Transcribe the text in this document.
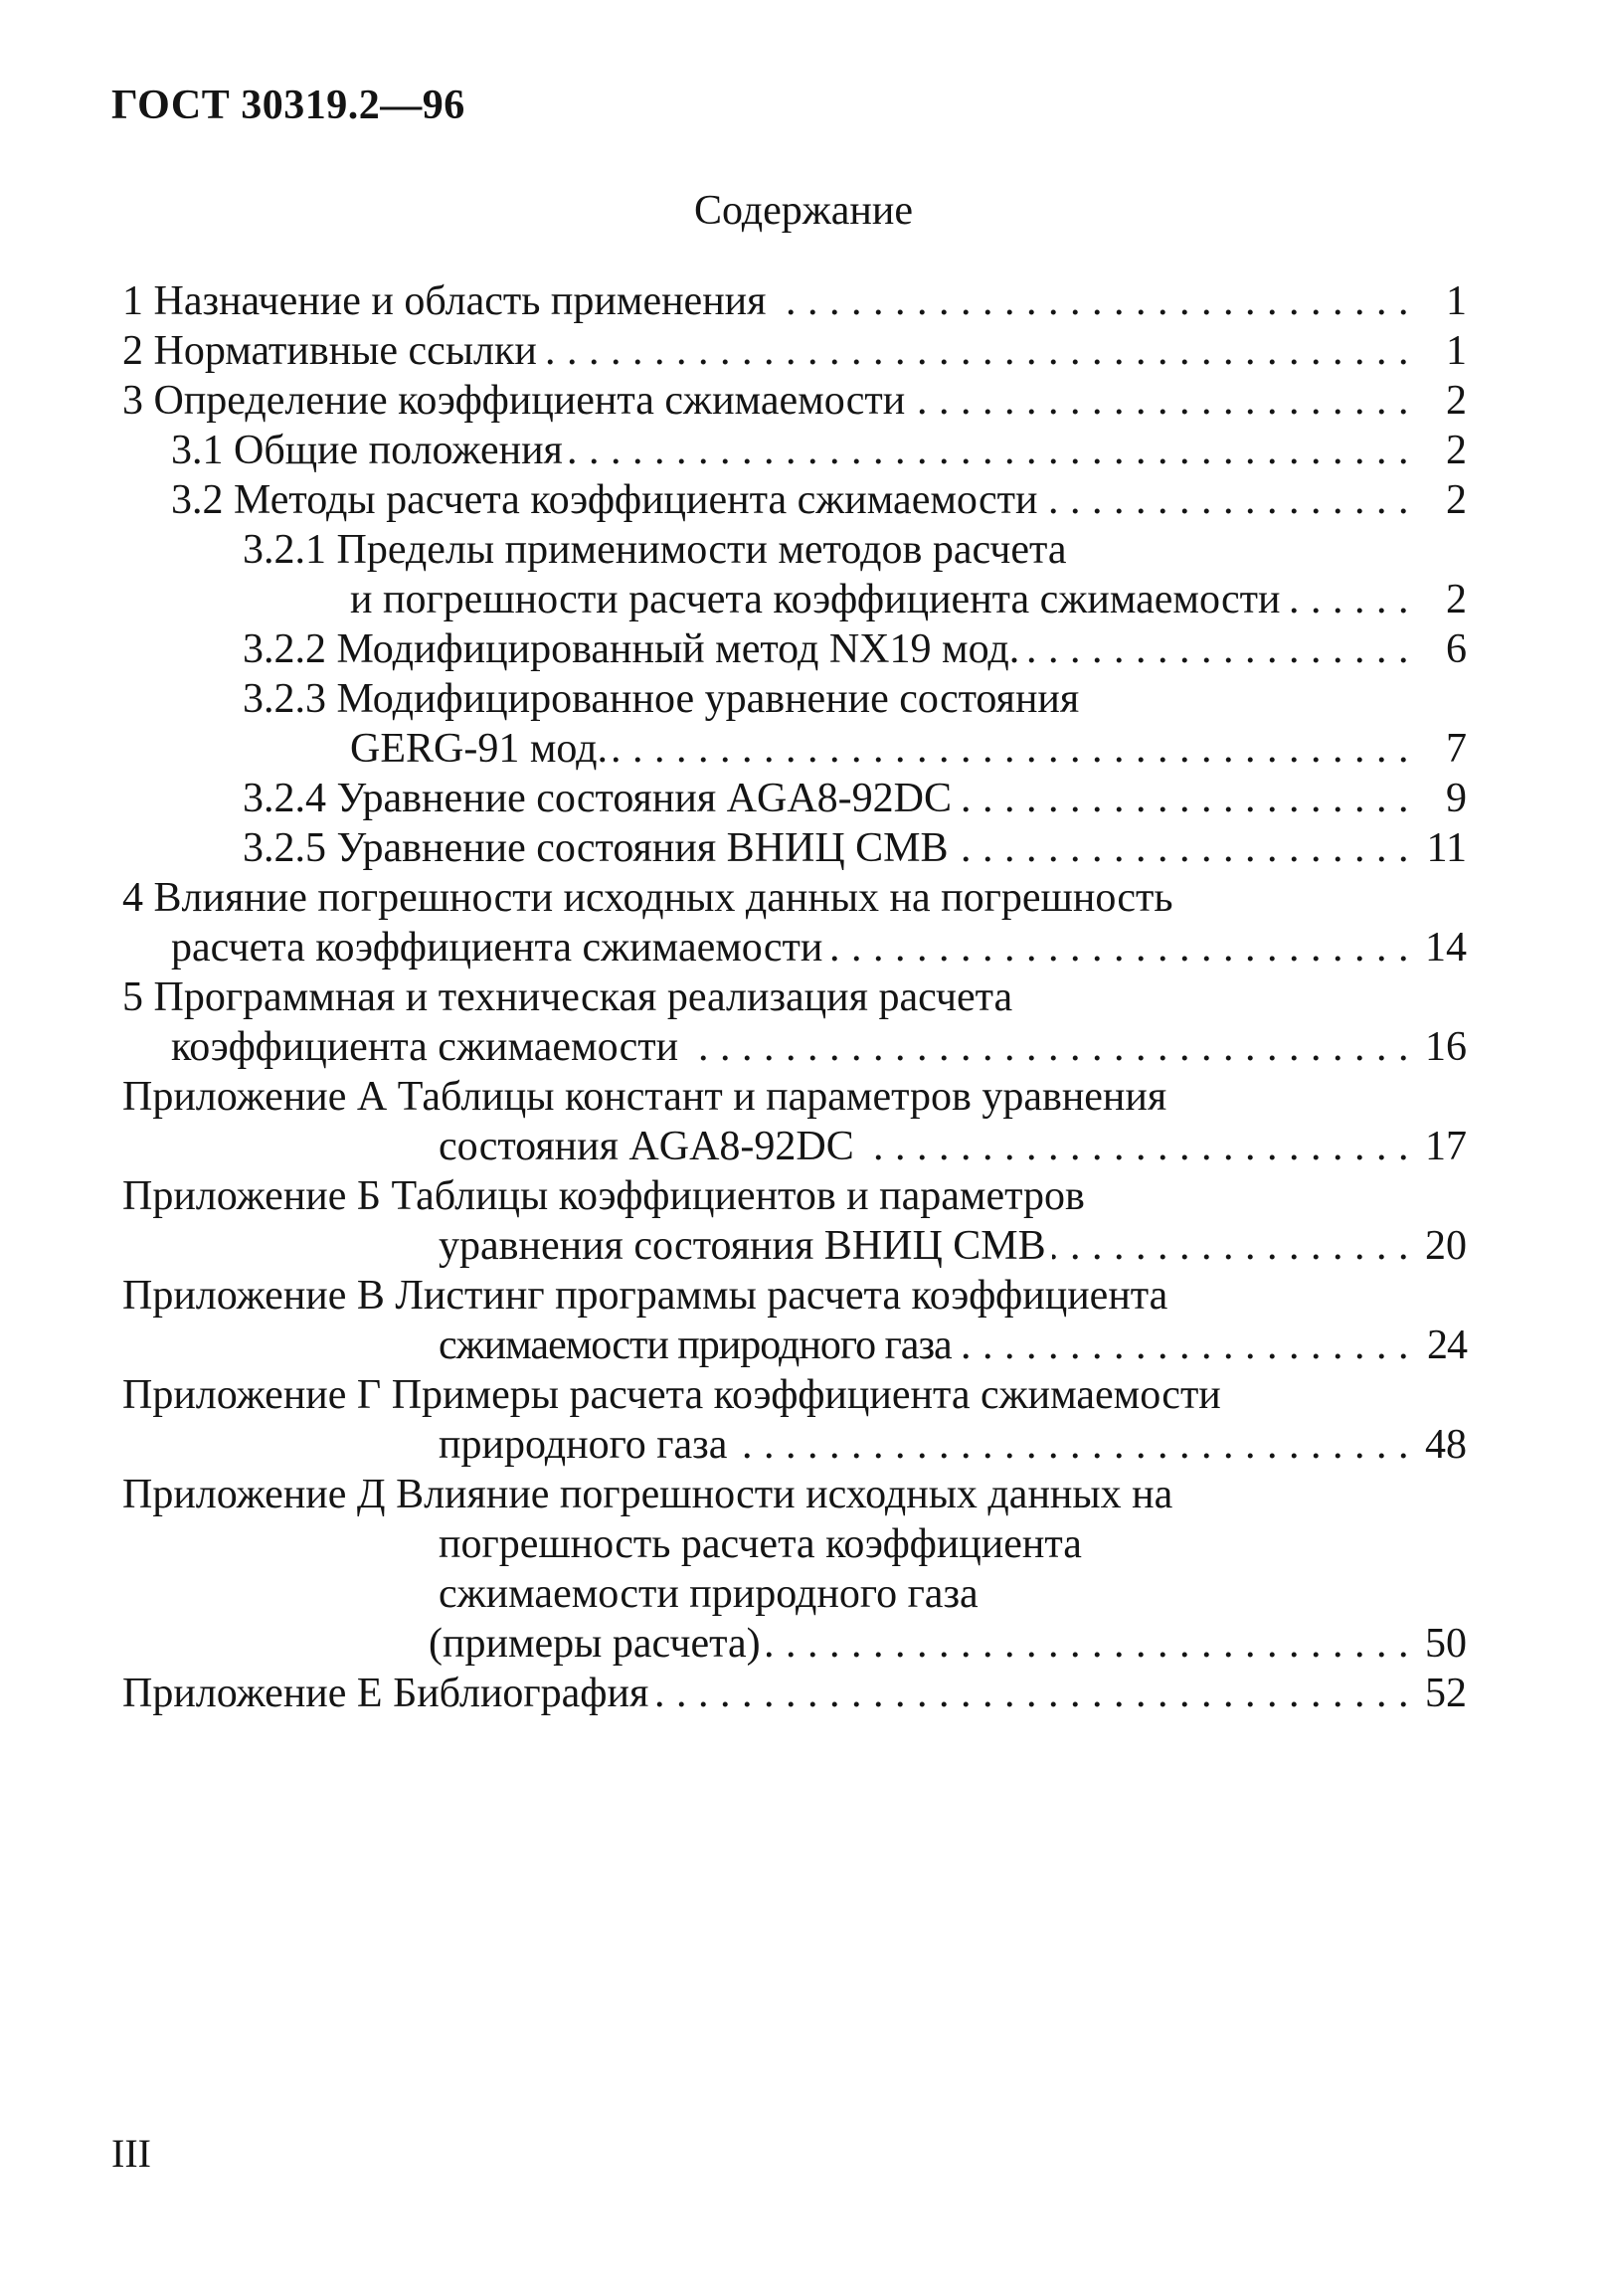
ГОСТ 30319.2—96
Содержание
1 Назначение и область применения . . .	1
2 Нормативные ссылки . . .	1
3 Определение коэффициента сжимаемости . . .	2
3.1 Общие положения . . .	2
3.2 Методы расчета коэффициента сжимаемости . . .	2
3.2.1 Пределы применимости методов расчета
и погрешности расчета коэффициента сжимаемости . . .	2
3.2.2 Модифицированный метод NX19 мод. . . .	6
3.2.3 Модифицированное уравнение состояния
GERG-91 мод. . . .	7
3.2.4 Уравнение состояния AGA8-92DC . . .	9
3.2.5 Уравнение состояния ВНИЦ СМВ . . .	11
4 Влияние погрешности исходных данных на погрешность
расчета коэффициента сжимаемости . . .	14
5 Программная и техническая реализация расчета
коэффициента сжимаемости . . .	16
Приложение А Таблицы констант и параметров уравнения
состояния AGA8-92DC . . .	17
Приложение Б Таблицы коэффициентов и параметров
уравнения состояния ВНИЦ СМВ . . .	20
Приложение В Листинг программы расчета коэффициента
сжимаемости природного газа . . .	24
Приложение Г Примеры расчета коэффициента сжимаемости
природного газа . . .	48
Приложение Д Влияние погрешности исходных данных на
погрешность расчета коэффициента
сжимаемости природного газа
(примеры расчета) . . .	50
Приложение Е Библиография . . .	52
III
